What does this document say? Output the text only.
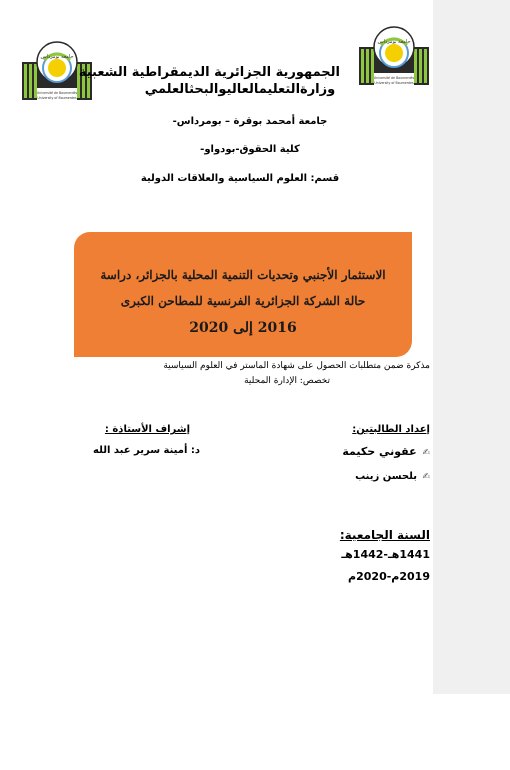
جامعة بومرداس
Université de Boumerdès
University of Boumerdes
جامعة بومرداس
Université de Boumerdès
University of Boumerdes
الجمهورية الجزائرية الديمقراطية الشعبية
وزارةالتعليمالعاليوالبحثالعلمي
جامعة أمحمد بوقرة – بومرداس-
كلية الحقوق-بودواو-
قسم: العلوم السياسية والعلاقات الدولية
الاستثمار الأجنبي وتحديات التنمية المحلية بالجزائر، دراسة
حالة الشركة الجزائرية الفرنسية للمطاحن الكبرى
2016 إلى 2020
مذكرة ضمن متطلبات الحصول على شهادة الماستر في العلوم السياسية
تخصص: الإدارة المحلية
إعداد الطالبتين:
إشراف الأستاذة :
✍ عقوني حكيمة
✍ بلحسن زينب
د: أمينة سرير عبد الله
السنة الجامعية:
1441هـ-1442هـ
2019م-2020م
